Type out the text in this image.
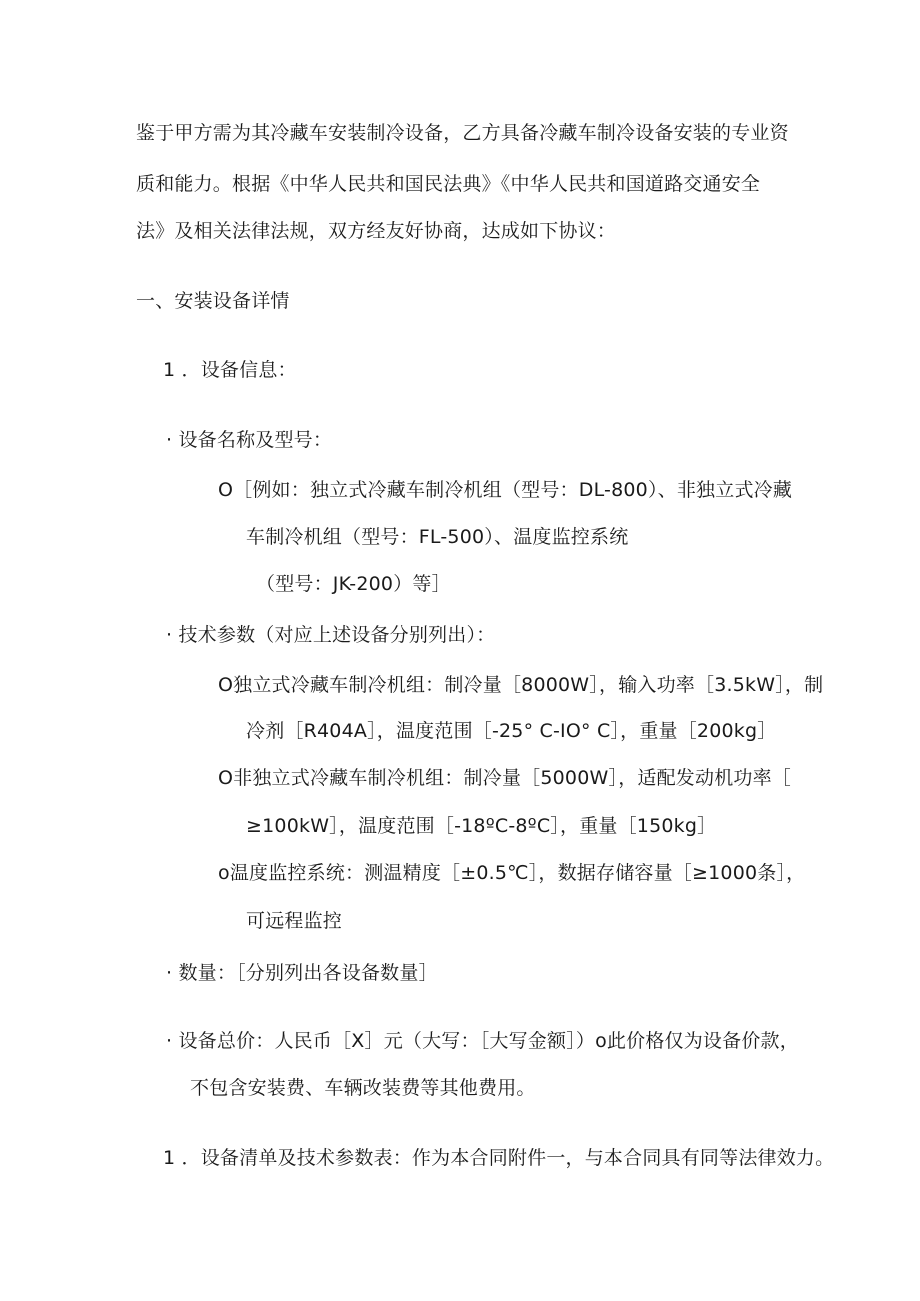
鉴于甲方需为其冷藏车安装制冷设备，乙方具备冷藏车制冷设备安装的专业资
质和能力。根据《中华人民共和国民法典》《中华人民共和国道路交通安全
法》及相关法律法规，双方经友好协商，达成如下协议：
一、安装设备详情
1 ．设备信息：
· 设备名称及型号：
O［例如：独立式冷藏车制冷机组（型号：DL-800）、非独立式冷藏
车制冷机组（型号：FL-500）、温度监控系统
（型号：JK-200）等］
· 技术参数（对应上述设备分别列出）：
O独立式冷藏车制冷机组：制冷量［8000W］，输入功率［3.5kW］，制
冷剂［R404A］，温度范围［-25° C-IO° C］，重量［200kg］
O非独立式冷藏车制冷机组：制冷量［5000W］，适配发动机功率［
≥100kW］，温度范围［-18ºC-8ºC］，重量［150kg］
o温度监控系统：测温精度［±0.5℃］，数据存储容量［≥1000条］，
可远程监控
· 数量：［分别列出各设备数量］
· 设备总价：人民币［X］元（大写：［大写金额］）o此价格仅为设备价款，
不包含安装费、车辆改装费等其他费用。
1 ．设备清单及技术参数表：作为本合同附件一，与本合同具有同等法律效力。
